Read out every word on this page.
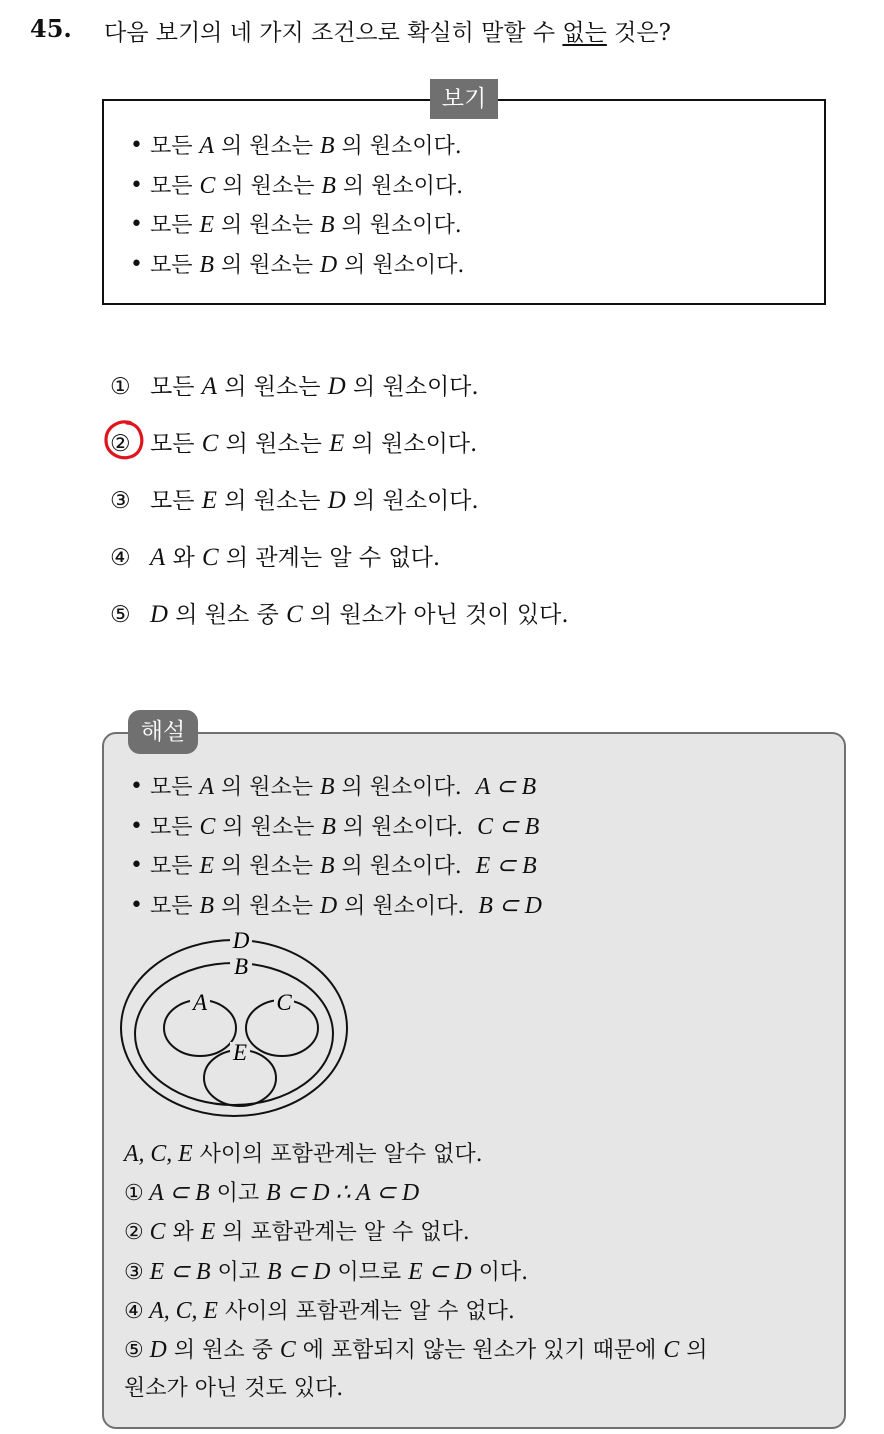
45. 다음 보기의 네 가지 조건으로 확실히 말할 수 없는 것은?
• 모든 A 의 원소는 B 의 원소이다.
• 모든 C 의 원소는 B 의 원소이다.
• 모든 E 의 원소는 B 의 원소이다.
• 모든 B 의 원소는 D 의 원소이다.
보기
① 모든 A 의 원소는 D 의 원소이다.
② 모든 C 의 원소는 E 의 원소이다.
③ 모든 E 의 원소는 D 의 원소이다.
④ A 와 C 의 관계는 알 수 없다.
⑤ D 의 원소 중 C 의 원소가 아닌 것이 있다.
해설
• 모든 A 의 원소는 B 의 원소이다. A ⊂ B
• 모든 C 의 원소는 B 의 원소이다. C ⊂ B
• 모든 E 의 원소는 B 의 원소이다. E ⊂ B
• 모든 B 의 원소는 D 의 원소이다. B ⊂ D
D
B
A	C
E
A, C, E 사이의 포함관계는 알수 없다.
① A ⊂ B 이고 B ⊂ D ∴ A ⊂ D
② C 와 E 의 포함관계는 알 수 없다.
③ E ⊂ B 이고 B ⊂ D 이므로 E ⊂ D 이다.
④ A, C, E 사이의 포함관계는 알 수 없다.
⑤ D 의 원소 중 C 에 포함되지 않는 원소가 있기 때문에 C 의
원소가 아닌 것도 있다.
